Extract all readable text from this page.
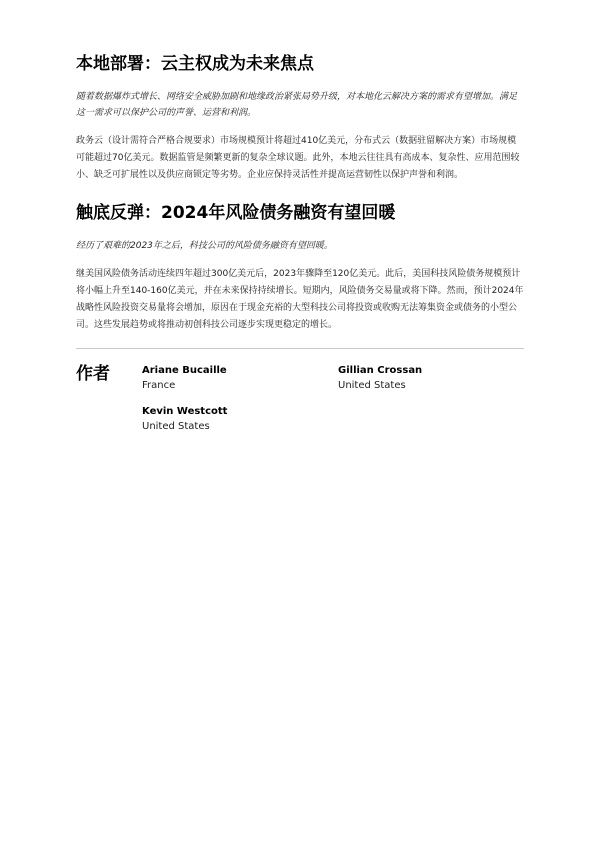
本地部署：云主权成为未来焦点

随着数据爆炸式增长、网络安全威胁加剧和地缘政治紧张局势升级，对本地化云解决方案的需求有望增加。满足这一需求可以保护公司的声誉、运营和利润。

政务云（设计需符合严格合规要求）市场规模预计将超过410亿美元，分布式云（数据驻留解决方案）市场规模可能超过70亿美元。数据监管是频繁更新的复杂全球议题。此外，本地云往往具有高成本、复杂性、应用范围较小、缺乏可扩展性以及供应商锁定等劣势。企业应保持灵活性并提高运营韧性以保护声誉和利润。

触底反弹：2024年风险债务融资有望回暖

经历了艰难的2023年之后，科技公司的风险债务融资有望回暖。

继美国风险债务活动连续四年超过300亿美元后，2023年骤降至120亿美元。此后，美国科技风险债务规模预计将小幅上升至140-160亿美元，并在未来保持持续增长。短期内，风险债务交易量或将下降。然而，预计2024年战略性风险投资交易量将会增加，原因在于现金充裕的大型科技公司将投资或收购无法筹集资金或债务的小型公司。这些发展趋势或将推动初创科技公司逐步实现更稳定的增长。

作者	Ariane Bucaille
France
Gillian Crossan
United States
Kevin Westcott
United States
